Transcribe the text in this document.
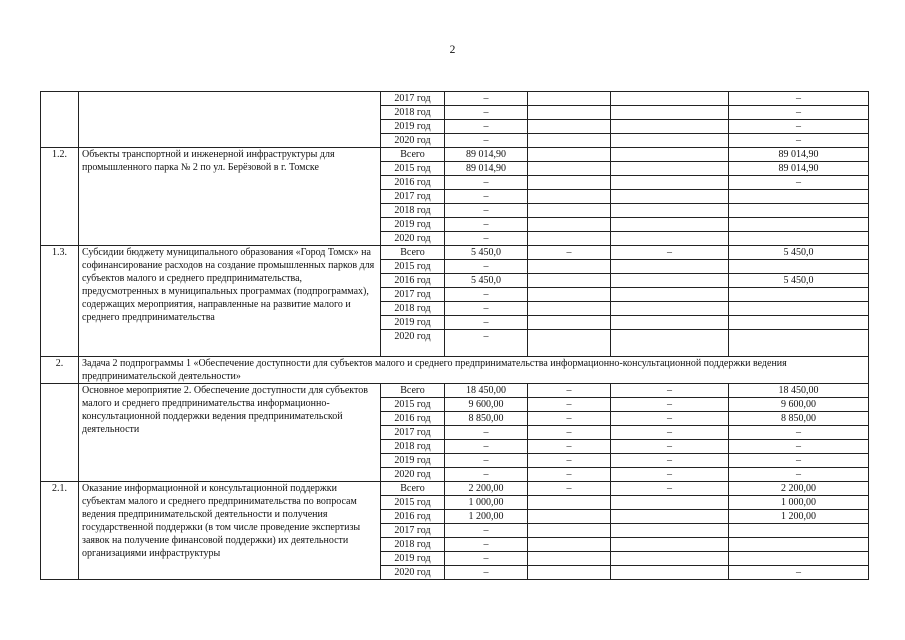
2
		2017 год	–			–
		2018 год	–			–
		2019 год	–			–
		2020 год	–			–
1.2.	Объекты транспортной и инженерной инфраструктуры для промышленного парка № 2 по ул. Берёзовой в г. Томске	Всего	89 014,90			89 014,90
		2015 год	89 014,90			89 014,90
		2016 год	–			–
		2017 год	–			
		2018 год	–			
		2019 год	–			
		2020 год	–			
1.3.	Субсидии бюджету муниципального образования «Город Томск» на софинансирование расходов на создание промышленных парков для субъектов малого и среднего предпринимательства, предусмотренных в муниципальных программах (подпрограммах), содержащих мероприятия, направленные на развитие малого и среднего предпринимательства	Всего	5 450,0	–	–	5 450,0
		2015 год	–			
		2016 год	5 450,0			5 450,0
		2017 год	–			
		2018 год	–			
		2019 год	–			
		2020 год	–			
2.	Задача 2 подпрограммы 1 «Обеспечение доступности для субъектов малого и среднего предпринимательства информационно-консультационной поддержки ведения предпринимательской деятельности»					
	Основное мероприятие 2. Обеспечение доступности для субъектов малого и среднего предпринимательства информационно-консультационной поддержки ведения предпринимательской деятельности	Всего	18 450,00	–	–	18 450,00
		2015 год	9 600,00	–	–	9 600,00
		2016 год	8 850,00	–	–	8 850,00
		2017 год	–	–	–	–
		2018 год	–	–	–	–
		2019 год	–	–	–	–
		2020 год	–	–	–	–
2.1.	Оказание информационной и консультационной поддержки субъектам малого и среднего предпринимательства по вопросам ведения предпринимательской деятельности и получения государственной поддержки (в том числе проведение экспертизы заявок на получение финансовой поддержки) их деятельности организациями инфраструктуры	Всего	2 200,00	–	–	2 200,00
		2015 год	1 000,00			1 000,00
		2016 год	1 200,00			1 200,00
		2017 год	–			
		2018 год	–			
		2019 год	–			
		2020 год	–			–
